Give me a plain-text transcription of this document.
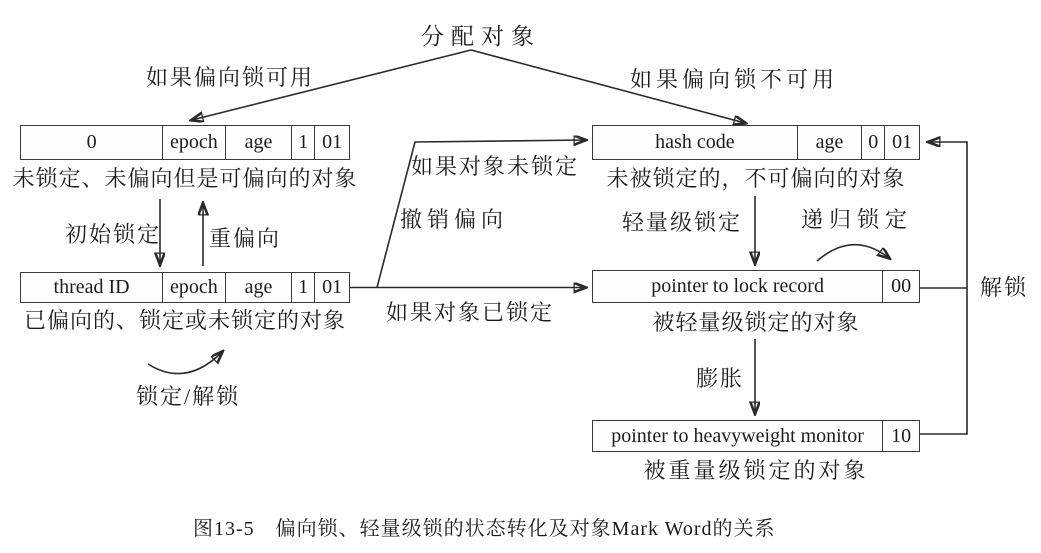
分配对象
如果偏向锁可用	如果偏向锁不可用
0	epoch	age	1 01
未锁定、未偏向但是可偏向的对象
初始锁定 重偏向
thread ID	epoch	age	1 01
已偏向的、锁定或未锁定的对象
锁定/解锁
如果对象未锁定
撤销偏向
如果对象已锁定
hash code	age	0 01
未被锁定的，不可偏向的对象
轻量级锁定	递归锁定
pointer to lock record	00
被轻量级锁定的对象
解锁
膨胀
pointer to heavyweight monitor	10
被重量级锁定的对象
图13-5　偏向锁、轻量级锁的状态转化及对象Mark Word的关系
